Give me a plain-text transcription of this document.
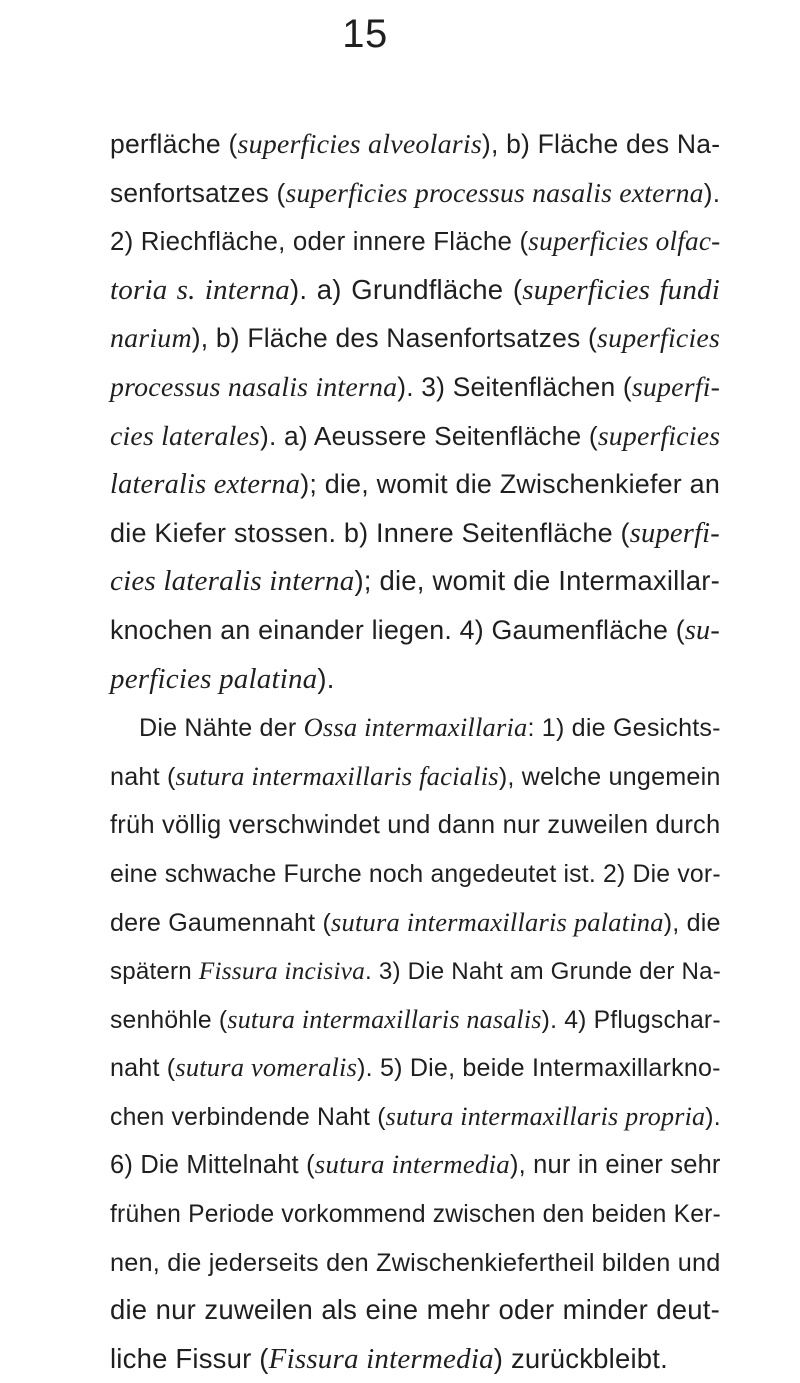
15
perfläche (superficies alveolaris), b) Fläche des Na-
senfortsatzes (superficies processus nasalis externa).
2) Riechfläche, oder innere Fläche (superficies olfac-
toria s. interna). a) Grundfläche (superficies fundi
narium), b) Fläche des Nasenfortsatzes (superficies
processus nasalis interna). 3) Seitenflächen (superfi-
cies laterales). a) Aeussere Seitenfläche (superficies
lateralis externa); die, womit die Zwischenkiefer an
die Kiefer stossen. b) Innere Seitenfläche (superfi-
cies lateralis interna); die, womit die Intermaxillar-
knochen an einander liegen. 4) Gaumenfläche (su-
perficies palatina).
Die Nähte der Ossa intermaxillaria: 1) die Gesichts-
naht (sutura intermaxillaris facialis), welche ungemein
früh völlig verschwindet und dann nur zuweilen durch
eine schwache Furche noch angedeutet ist. 2) Die vor-
dere Gaumennaht (sutura intermaxillaris palatina), die
spätern Fissura incisiva. 3) Die Naht am Grunde der Na-
senhöhle (sutura intermaxillaris nasalis). 4) Pflugschar-
naht (sutura vomeralis). 5) Die, beide Intermaxillarkno-
chen verbindende Naht (sutura intermaxillaris propria).
6) Die Mittelnaht (sutura intermedia), nur in einer sehr
frühen Periode vorkommend zwischen den beiden Ker-
nen, die jederseits den Zwischenkiefertheil bilden und
die nur zuweilen als eine mehr oder minder deut-
liche Fissur (Fissura intermedia) zurückbleibt.
